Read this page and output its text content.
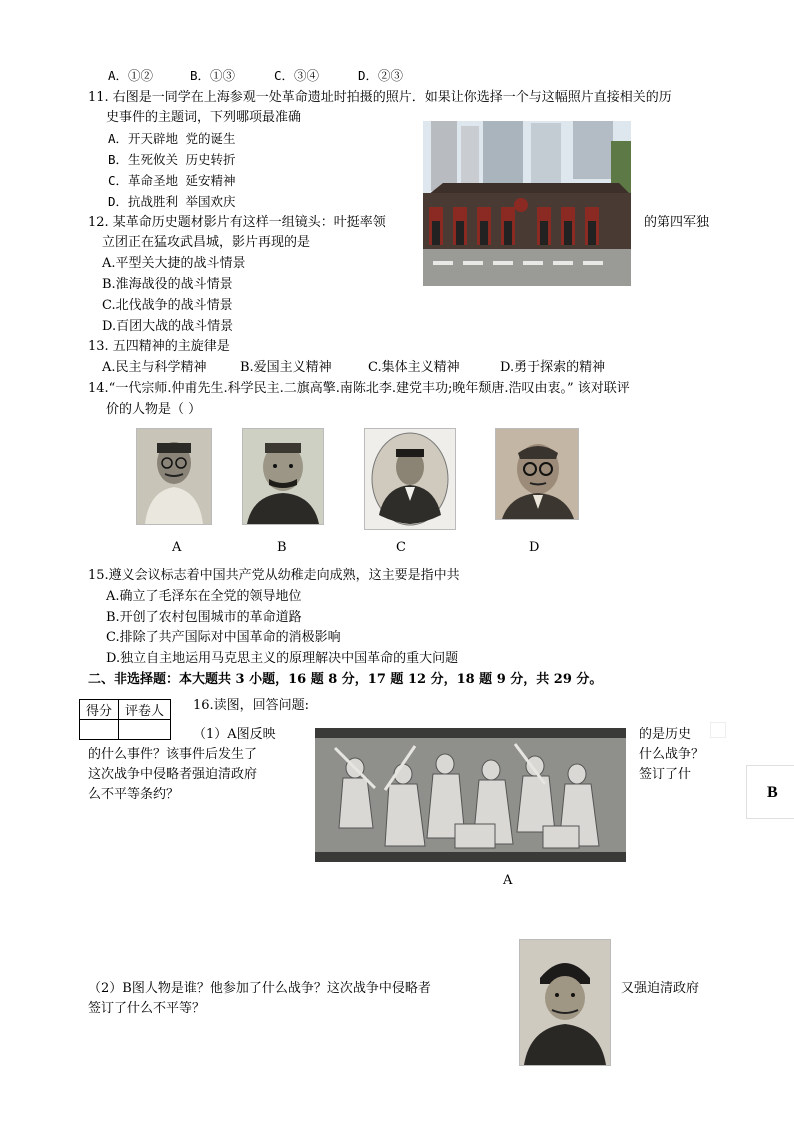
A．①②	B．①③	C．③④	D．②③
11. 右图是一同学在上海参观一处革命遗址时拍摄的照片．如果让你选择一个与这幅照片直接相关的历
史事件的主题词，下列哪项最准确
A．开天辟地 党的诞生
B．生死攸关 历史转折
C．革命圣地 延安精神
D．抗战胜利 举国欢庆
12. 某革命历史题材影片有这样一组镜头：叶挺率领	的第四军独
立团正在猛攻武昌城，影片再现的是
A.平型关大捷的战斗情景
B.淮海战役的战斗情景
C.北伐战争的战斗情景
D.百团大战的战斗情景
13. 五四精神的主旋律是
A.民主与科学精神	B.爱国主义精神	C.集体主义精神	D.勇于探索的精神
14.“一代宗师.仲甫先生.科学民主.二旗高擎.南陈北李.建党丰功;晚年颓唐.浩叹由衷。” 该对联评
价的人物是（ ）
A	B	C	D
15.遵义会议标志着中国共产党从幼稚走向成熟，这主要是指中共
A.确立了毛泽东在全党的领导地位
B.开创了农村包围城市的革命道路
C.排除了共产国际对中国革命的消极影响
D.独立自主地运用马克思主义的原理解决中国革命的重大问题
二、非选择题：本大题共 3 小题，16 题 8 分，17 题 12 分，18 题 9 分，共 29 分。
得分	评卷人
	16.读图，回答问题:
（1）A图反映
的什么事件？该事件后发生了
这次战争中侵略者强迫清政府
么不平等条约？
的是历史
什么战争？
签订了什
A
B
（2）B图人物是谁？他参加了什么战争？这次战争中侵略者	又强迫清政府
签订了什么不平等？
